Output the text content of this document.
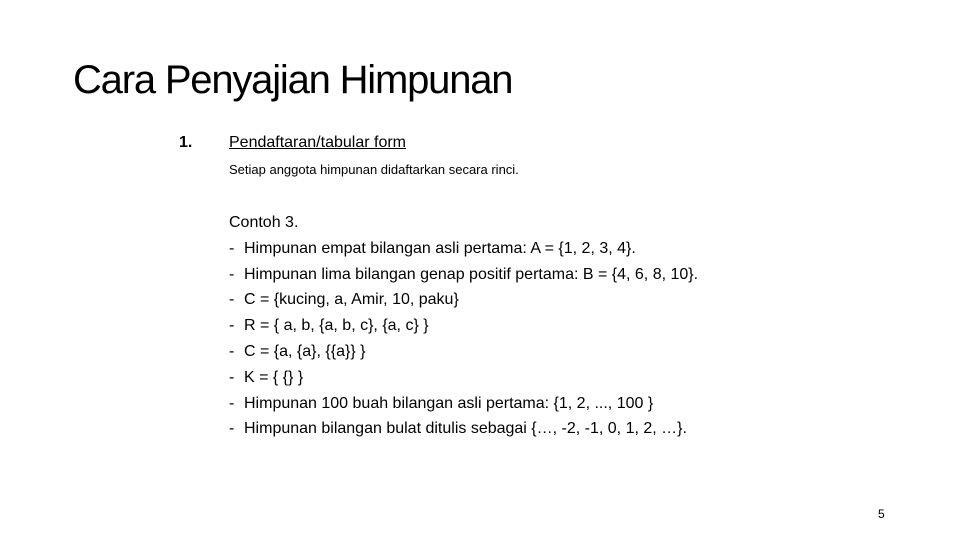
Cara Penyajian Himpunan
1. Pendaftaran/tabular form
Setiap anggota himpunan didaftarkan secara rinci.
Contoh 3.
- Himpunan empat bilangan asli pertama: A = {1, 2, 3, 4}.
- Himpunan lima bilangan genap positif pertama: B = {4, 6, 8, 10}.
- C = {kucing, a, Amir, 10, paku}
- R = { a, b, {a, b, c}, {a, c} }
- C = {a, {a}, {{a}} }
- K = { {} }
- Himpunan 100 buah bilangan asli pertama: {1, 2, ..., 100 }
- Himpunan bilangan bulat ditulis sebagai {…, -2, -1, 0, 1, 2, …}.
5
